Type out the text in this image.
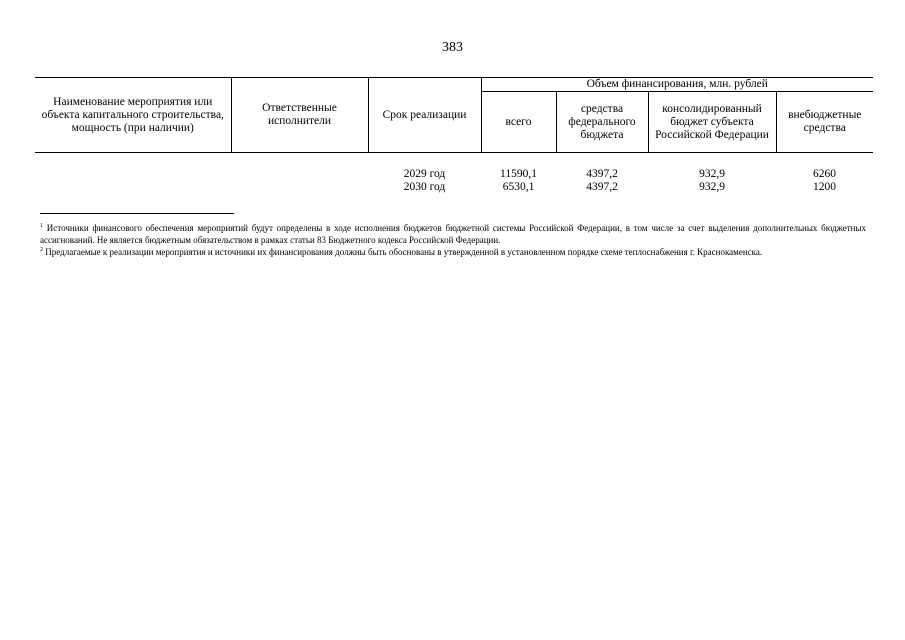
383
Наименование мероприятия или объекта капитального строительства, мощность (при наличии)	Ответственные исполнители	Срок реализации	Объем финансирования, млн. рублей			
			всего	средства федерального бюджета	консолидированный бюджет субъекта Российской Федерации	внебюджетные средства
		2029 год	11590,1	4397,2	932,9	6260
		2030 год	6530,1	4397,2	932,9	1200

$^1$ Источники финансового обеспечения мероприятий будут определены в ходе исполнения бюджетов бюджетной системы Российской Федерации, в том числе за счет выделения дополнительных бюджетных ассигнований. Не является бюджетным обязательством в рамках статьи 83 Бюджетного кодекса Российской Федерации.

$^2$ Предлагаемые к реализации мероприятия и источники их финансирования должны быть обоснованы в утвержденной в установленном порядке схеме теплоснабжения г. Краснокаменска.
